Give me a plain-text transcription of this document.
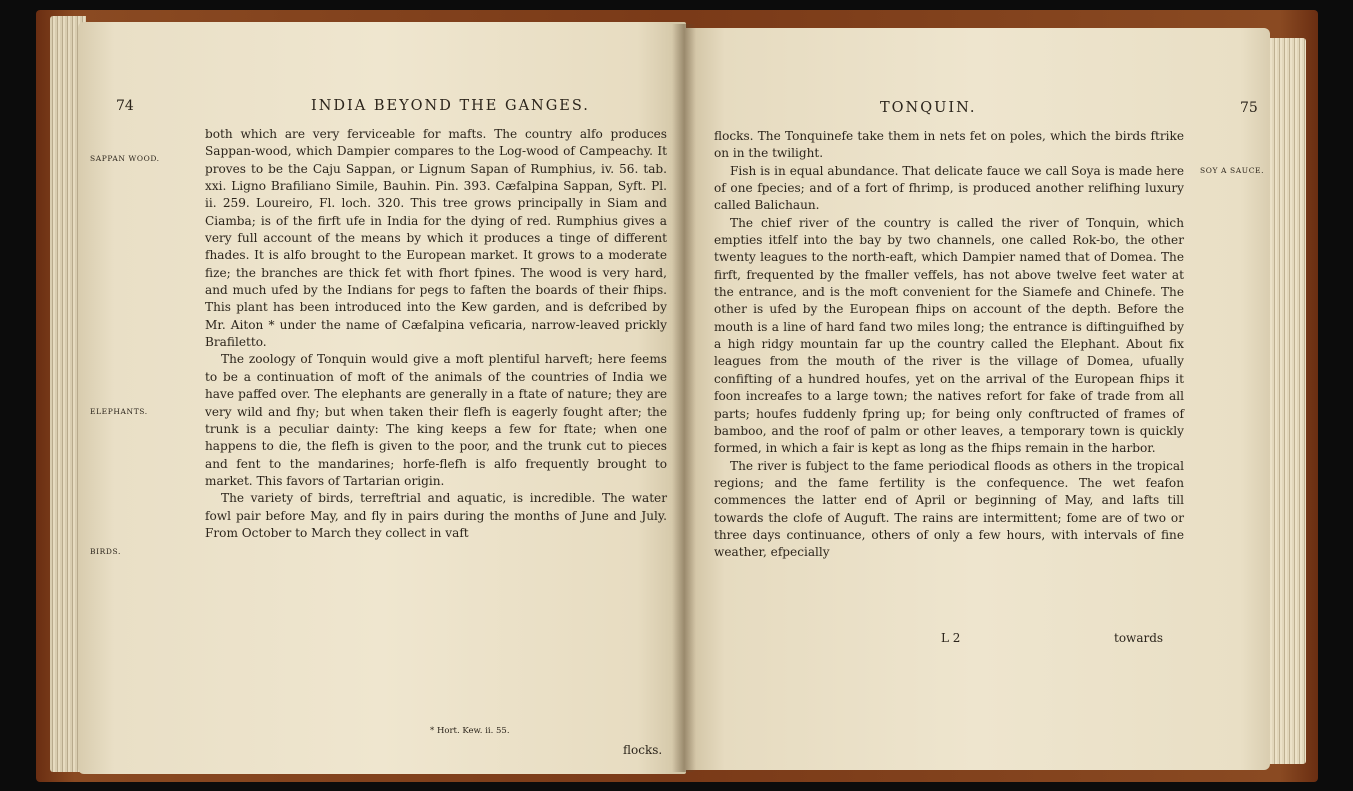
74	INDIA BEYOND THE GANGES.
SAPPAN WOOD.
ELEPHANTS.
BIRDS.

both which are very ferviceable for mafts. The country alfo produces Sappan-wood, which Dampier compares to the Log-wood of Campeachy. It proves to be the Caju Sappan, or Lignum Sapan of Rumphius, iv. 56. tab. xxi. Ligno Brafiliano Simile, Bauhin. Pin. 393. Cæfalpina Sappan, Syft. Pl. ii. 259. Loureiro, Fl. loch. 320. This tree grows principally in Siam and Ciamba; is of the firft ufe in India for the dying of red. Rumphius gives a very full account of the means by which it produces a tinge of different fhades. It is alfo brought to the European market. It grows to a moderate fize; the branches are thick fet with fhort fpines. The wood is very hard, and much ufed by the Indians for pegs to faften the boards of their fhips. This plant has been introduced into the Kew garden, and is defcribed by Mr. Aiton * under the name of Cæfalpina veficaria, narrow-leaved prickly Brafiletto.

The zoology of Tonquin would give a moft plentiful harveft; here feems to be a continuation of moft of the animals of the countries of India we have paffed over. The elephants are generally in a ftate of nature; they are very wild and fhy; but when taken their flefh is eagerly fought after; the trunk is a peculiar dainty: The king keeps a few for ftate; when one happens to die, the flefh is given to the poor, and the trunk cut to pieces and fent to the mandarines; horfe-flefh is alfo frequently brought to market. This favors of Tartarian origin.

The variety of birds, terreftrial and aquatic, is incredible. The water fowl pair before May, and fly in pairs during the months of June and July. From October to March they collect in vaft

* Hort. Kew. ii. 55.
flocks.
TONQUIN.	75
SOY A SAUCE.

flocks. The Tonquinefe take them in nets fet on poles, which the birds ftrike on in the twilight.

Fish is in equal abundance. That delicate fauce we call Soya is made here of one fpecies; and of a fort of fhrimp, is produced another relifhing luxury called Balichaun.

The chief river of the country is called the river of Tonquin, which empties itfelf into the bay by two channels, one called Rok-bo, the other twenty leagues to the north-eaft, which Dampier named that of Domea. The firft, frequented by the fmaller veffels, has not above twelve feet water at the entrance, and is the moft convenient for the Siamefe and Chinefe. The other is ufed by the European fhips on account of the depth. Before the mouth is a line of hard fand two miles long; the entrance is diftinguifhed by a high ridgy mountain far up the country called the Elephant. About fix leagues from the mouth of the river is the village of Domea, ufually confifting of a hundred houfes, yet on the arrival of the European fhips it foon increafes to a large town; the natives refort for fake of trade from all parts; houfes fuddenly fpring up; for being only conftructed of frames of bamboo, and the roof of palm or other leaves, a temporary town is quickly formed, in which a fair is kept as long as the fhips remain in the harbor.

The river is fubject to the fame periodical floods as others in the tropical regions; and the fame fertility is the confequence. The wet feafon commences the latter end of April or beginning of May, and lafts till towards the clofe of Auguft. The rains are intermittent; fome are of two or three days continuance, others of only a few hours, with intervals of fine weather, efpecially

L 2	towards
